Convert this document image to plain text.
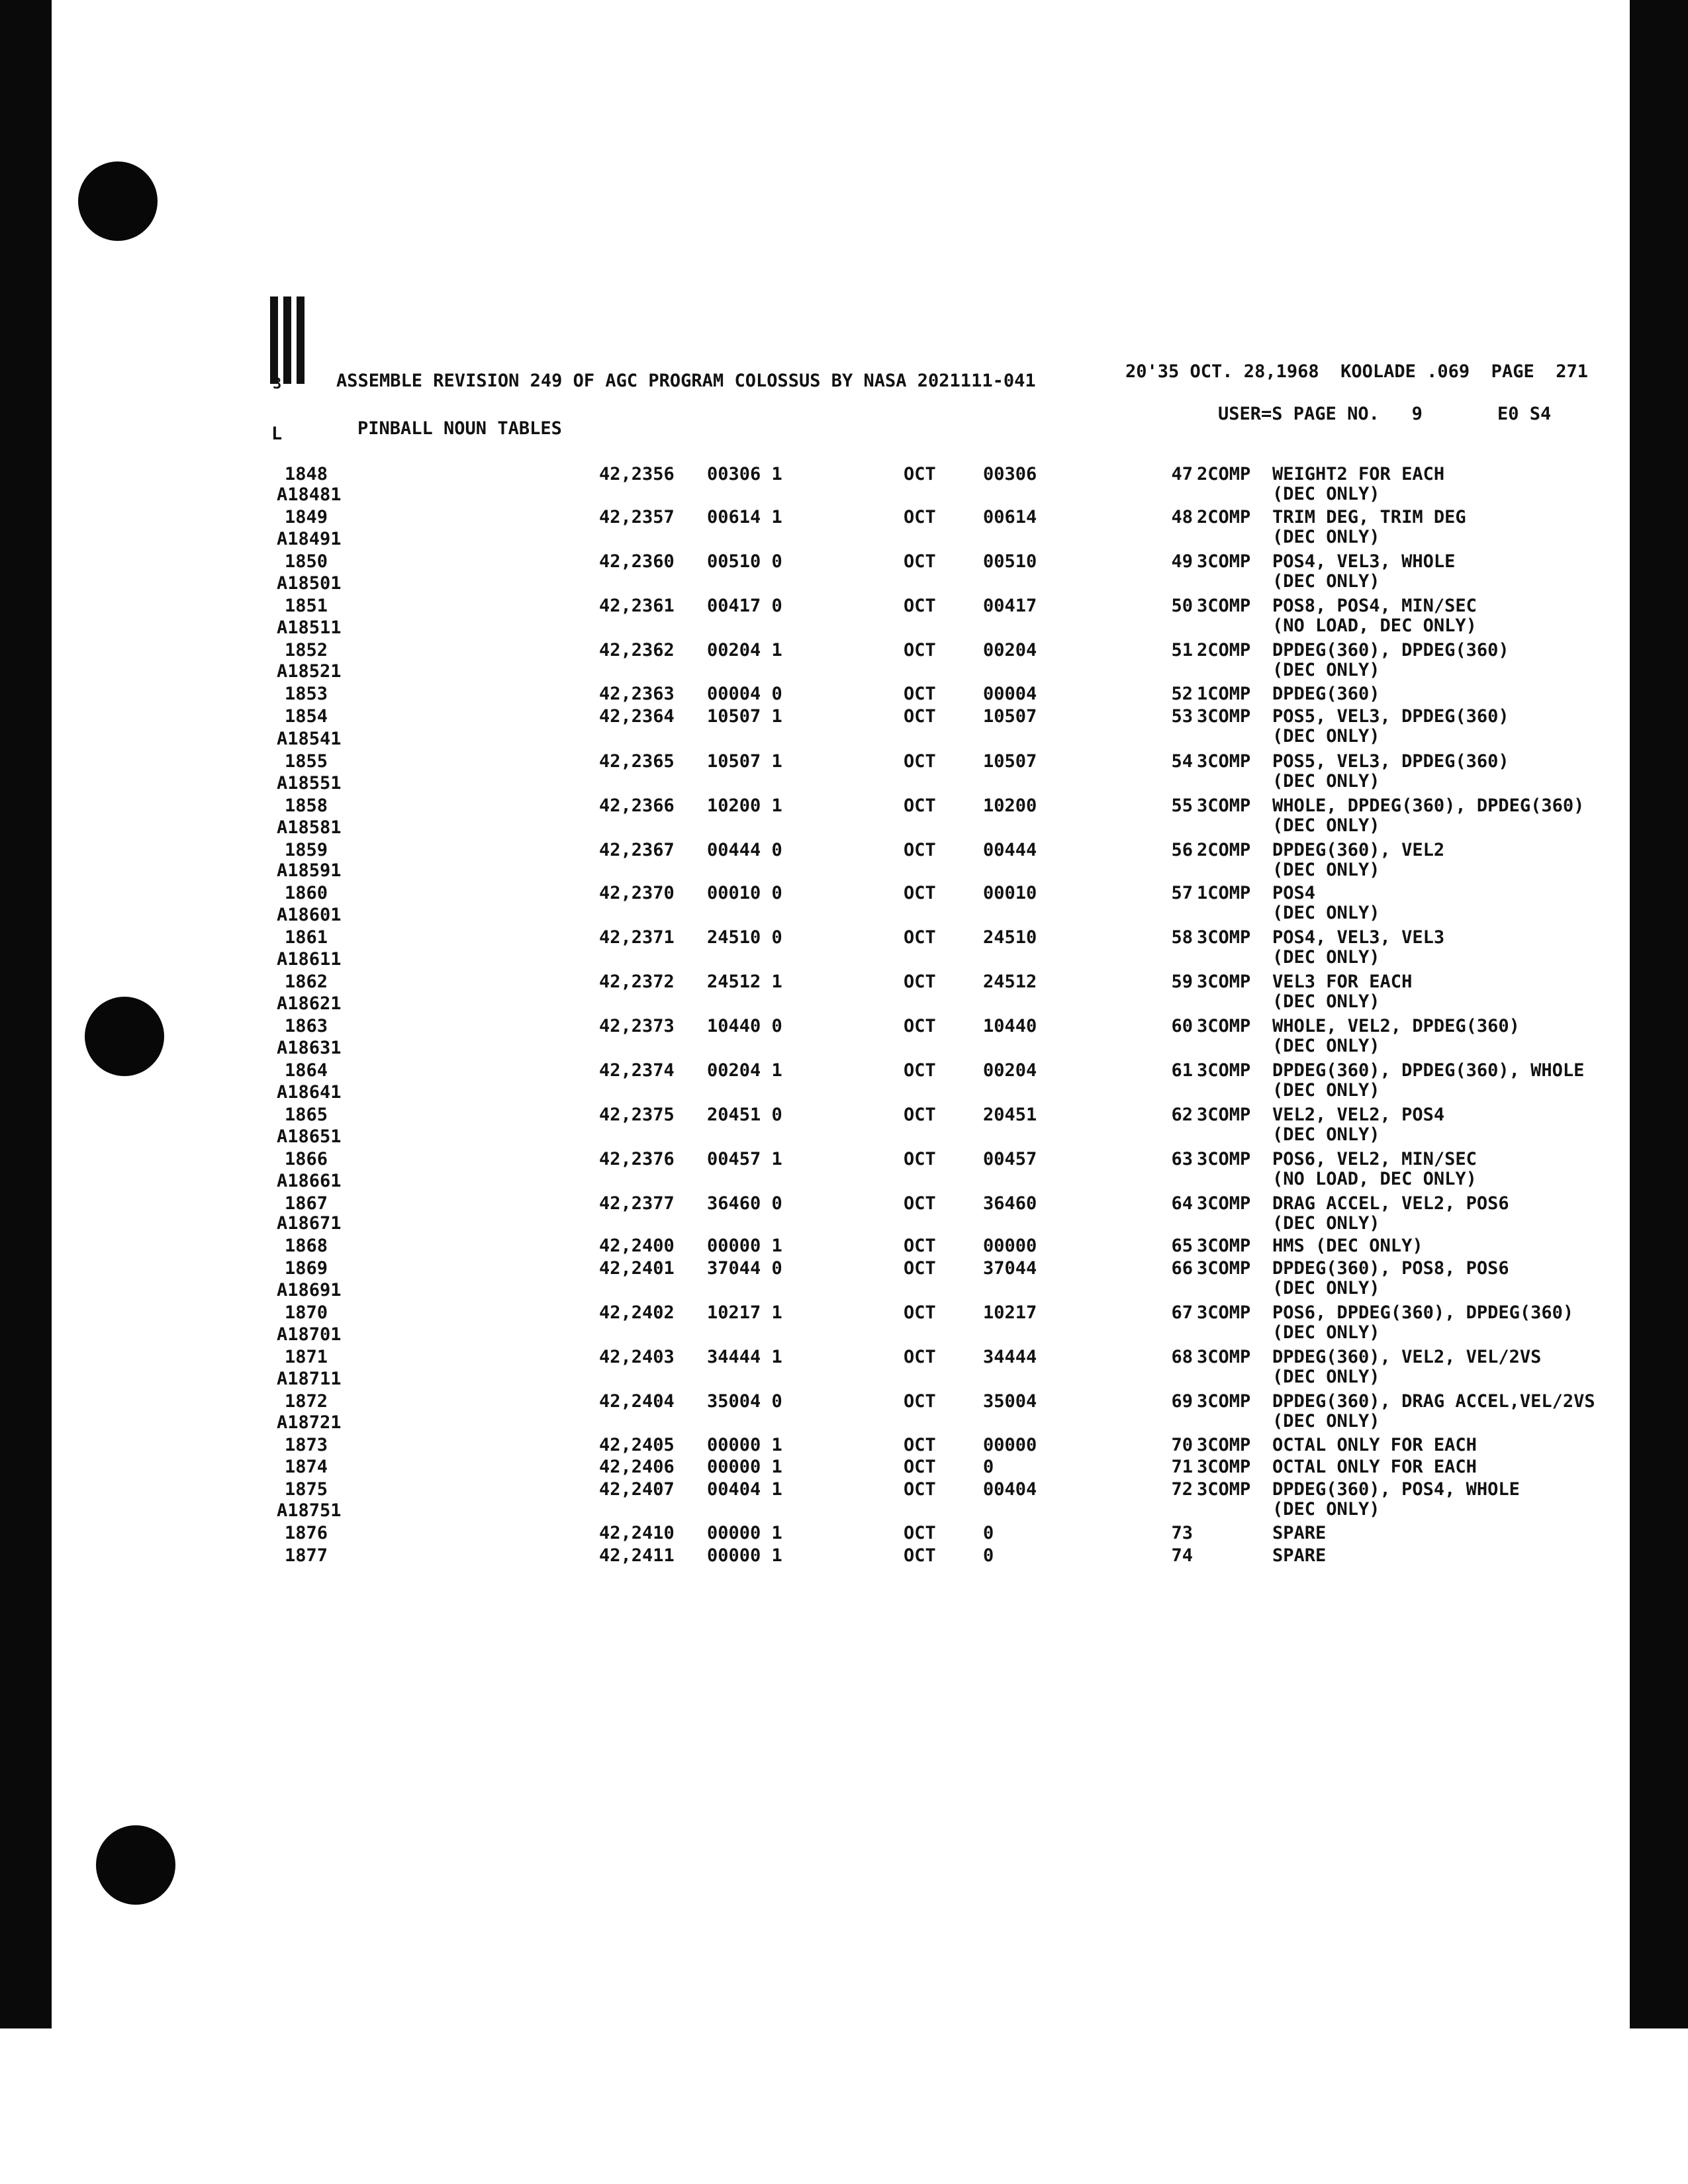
3	ASSEMBLE REVISION 249 OF AGC PROGRAM COLOSSUS BY NASA 2021111-041	20'35 OCT. 28,1968  KOOLADE .069  PAGE  271
L	PINBALL NOUN TABLES
USER=S PAGE NO.   9	E0 S4
1848	42,2356 00306 1	OCT	00306	47 2COMP WEIGHT2 FOR EACH
(DEC ONLY)
A18481
1849	42,2357 00614 1	OCT	00614	48 2COMP TRIM DEG, TRIM DEG
(DEC ONLY)
A18491
1850	42,2360 00510 0	OCT	00510	49 3COMP POS4, VEL3, WHOLE
(DEC ONLY)
A18501
1851	42,2361 00417 0	OCT	00417	50 3COMP POS8, POS4, MIN/SEC
(NO LOAD, DEC ONLY)
A18511
1852	42,2362 00204 1	OCT	00204	51 2COMP DPDEG(360), DPDEG(360)
(DEC ONLY)
A18521
1853	42,2363 00004 0	OCT	00004	52 1COMP DPDEG(360)
1854	42,2364 10507 1	OCT	10507	53 3COMP POS5, VEL3, DPDEG(360)
(DEC ONLY)
A18541
1855	42,2365 10507 1	OCT	10507	54 3COMP POS5, VEL3, DPDEG(360)
(DEC ONLY)
A18551
1858	42,2366 10200 1	OCT	10200	55 3COMP WHOLE, DPDEG(360), DPDEG(360)
(DEC ONLY)
A18581
1859	42,2367 00444 0	OCT	00444	56 2COMP DPDEG(360), VEL2
(DEC ONLY)
A18591
1860	42,2370 00010 0	OCT	00010	57 1COMP POS4
(DEC ONLY)
A18601
1861	42,2371 24510 0	OCT	24510	58 3COMP POS4, VEL3, VEL3
(DEC ONLY)
A18611
1862	42,2372 24512 1	OCT	24512	59 3COMP VEL3 FOR EACH
(DEC ONLY)
A18621
1863	42,2373 10440 0	OCT	10440	60 3COMP WHOLE, VEL2, DPDEG(360)
(DEC ONLY)
A18631
1864	42,2374 00204 1	OCT	00204	61 3COMP DPDEG(360), DPDEG(360), WHOLE
(DEC ONLY)
A18641
1865	42,2375 20451 0	OCT	20451	62 3COMP VEL2, VEL2, POS4
(DEC ONLY)
A18651
1866	42,2376 00457 1	OCT	00457	63 3COMP POS6, VEL2, MIN/SEC
(NO LOAD, DEC ONLY)
A18661
1867	42,2377 36460 0	OCT	36460	64 3COMP DRAG ACCEL, VEL2, POS6
(DEC ONLY)
A18671
1868	42,2400 00000 1	OCT	00000	65 3COMP HMS (DEC ONLY)
1869	42,2401 37044 0	OCT	37044	66 3COMP DPDEG(360), POS8, POS6
(DEC ONLY)
A18691
1870	42,2402 10217 1	OCT	10217	67 3COMP POS6, DPDEG(360), DPDEG(360)
(DEC ONLY)
A18701
1871	42,2403 34444 1	OCT	34444	68 3COMP DPDEG(360), VEL2, VEL/2VS
(DEC ONLY)
A18711
1872	42,2404 35004 0	OCT	35004	69 3COMP DPDEG(360), DRAG ACCEL,VEL/2VS
(DEC ONLY)
A18721
1873	42,2405 00000 1	OCT	00000	70 3COMP OCTAL ONLY FOR EACH
1874	42,2406 00000 1	OCT	0	71 3COMP OCTAL ONLY FOR EACH
1875	42,2407 00404 1	OCT	00404	72 3COMP DPDEG(360), POS4, WHOLE
(DEC ONLY)
A18751
1876	42,2410 00000 1	OCT	0	73	SPARE
1877	42,2411 00000 1	OCT	0	74	SPARE
